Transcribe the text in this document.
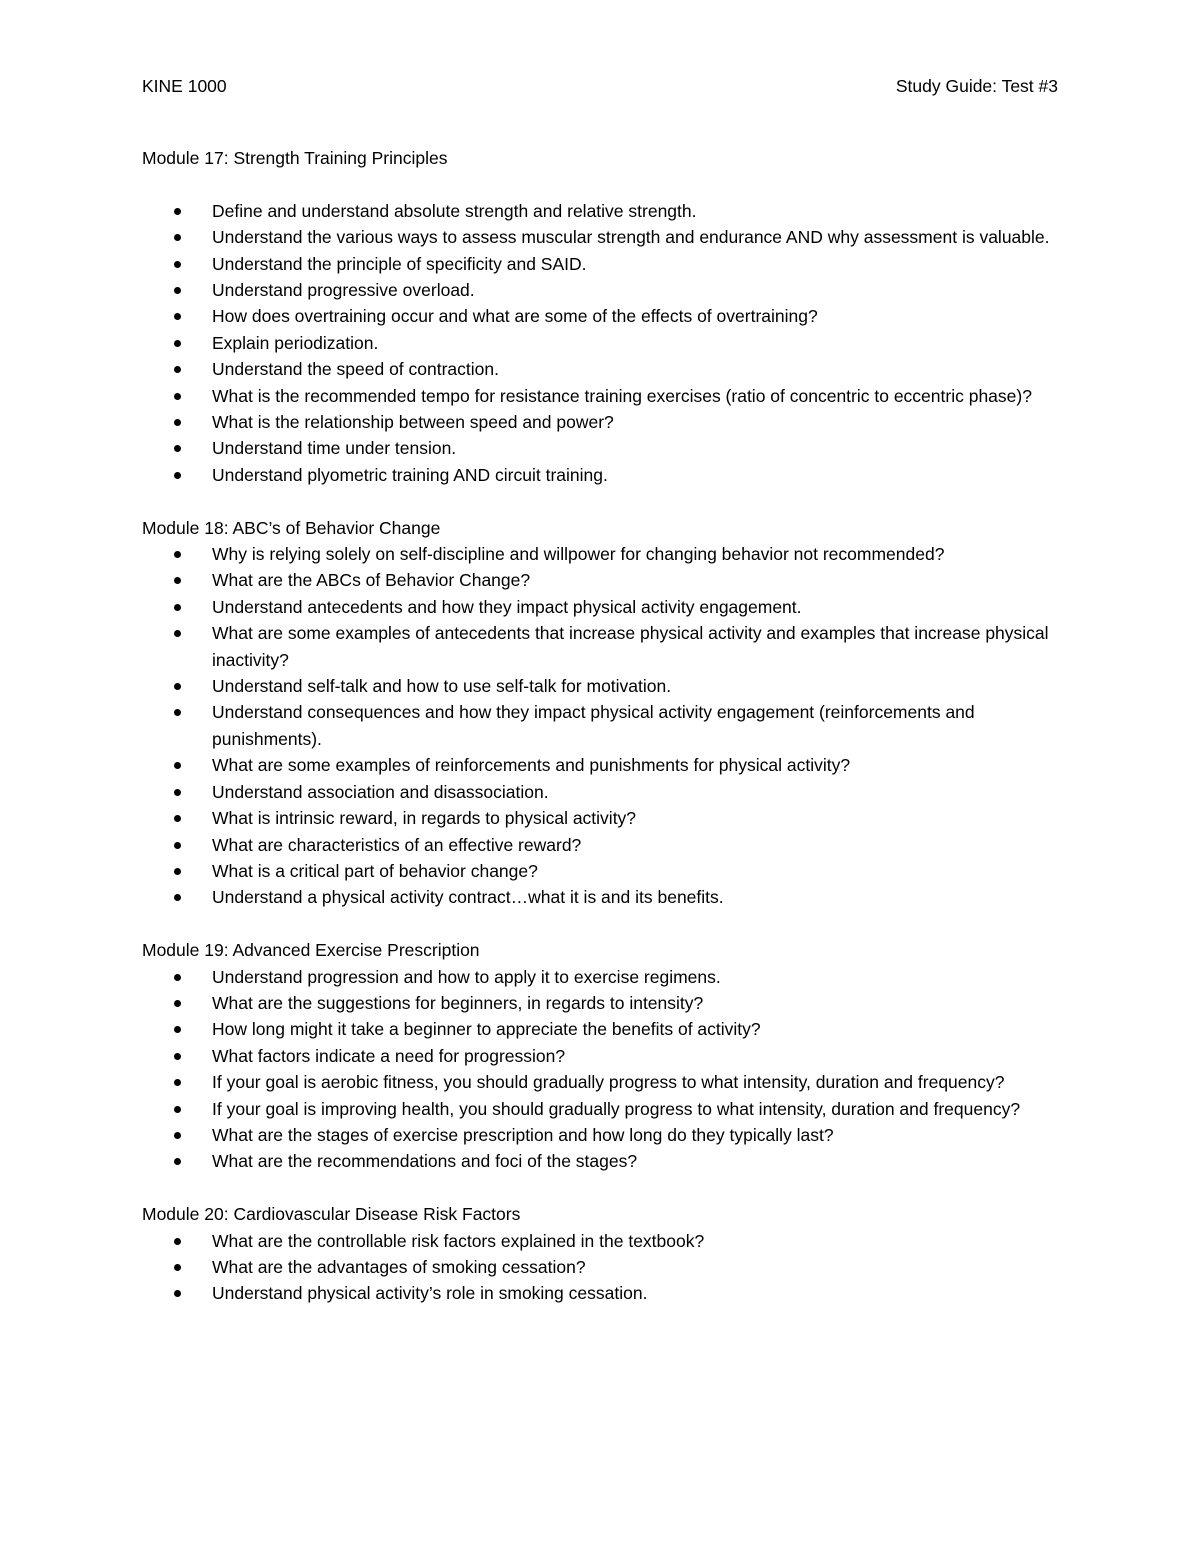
KINE 1000	Study Guide: Test #3
Module 17: Strength Training Principles
Define and understand absolute strength and relative strength.
Understand the various ways to assess muscular strength and endurance AND why assessment is valuable.
Understand the principle of specificity and SAID.
Understand progressive overload.
How does overtraining occur and what are some of the effects of overtraining?
Explain periodization.
Understand the speed of contraction.
What is the recommended tempo for resistance training exercises (ratio of concentric to eccentric phase)?
What is the relationship between speed and power?
Understand time under tension.
Understand plyometric training AND circuit training.
Module 18: ABC’s of Behavior Change
Why is relying solely on self-discipline and willpower for changing behavior not recommended?
What are the ABCs of Behavior Change?
Understand antecedents and how they impact physical activity engagement.
What are some examples of antecedents that increase physical activity and examples that increase physical inactivity?
Understand self-talk and how to use self-talk for motivation.
Understand consequences and how they impact physical activity engagement (reinforcements and punishments).
What are some examples of reinforcements and punishments for physical activity?
Understand association and disassociation.
What is intrinsic reward, in regards to physical activity?
What are characteristics of an effective reward?
What is a critical part of behavior change?
Understand a physical activity contract…what it is and its benefits.
Module 19: Advanced Exercise Prescription
Understand progression and how to apply it to exercise regimens.
What are the suggestions for beginners, in regards to intensity?
How long might it take a beginner to appreciate the benefits of activity?
What factors indicate a need for progression?
If your goal is aerobic fitness, you should gradually progress to what intensity, duration and frequency?
If your goal is improving health, you should gradually progress to what intensity, duration and frequency?
What are the stages of exercise prescription and how long do they typically last?
What are the recommendations and foci of the stages?
Module 20: Cardiovascular Disease Risk Factors
What are the controllable risk factors explained in the textbook?
What are the advantages of smoking cessation?
Understand physical activity’s role in smoking cessation.
